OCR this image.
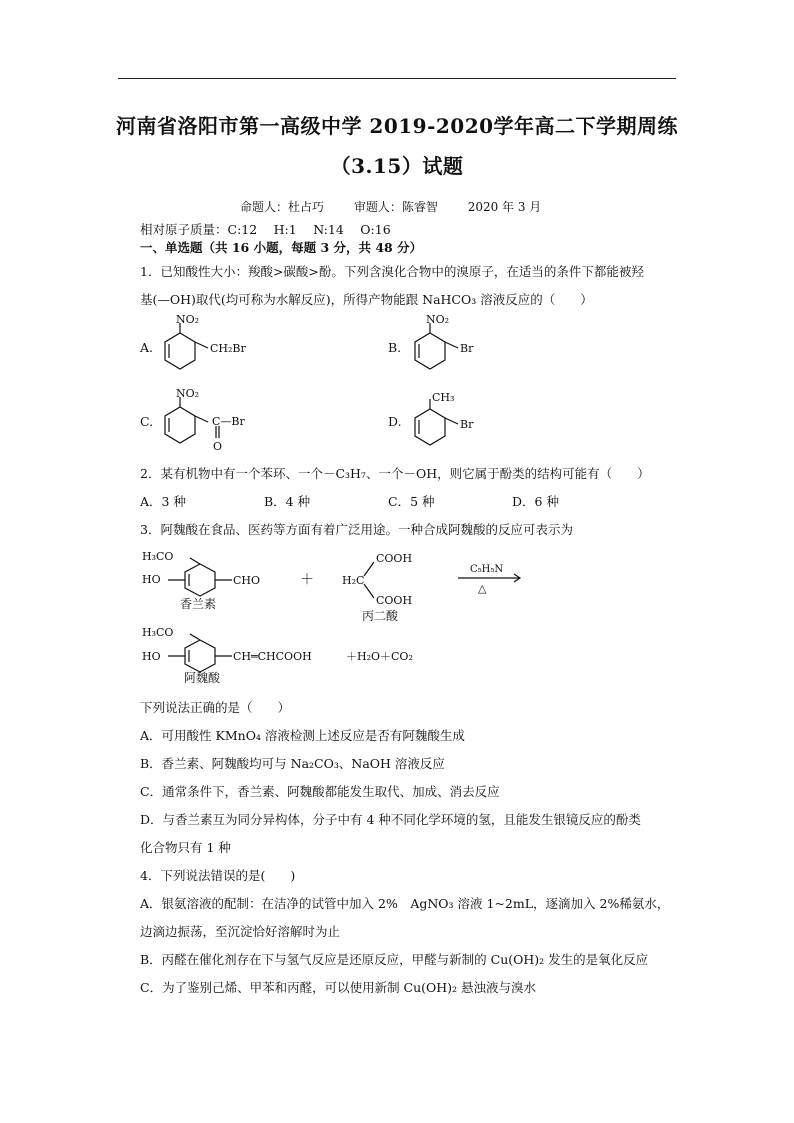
河南省洛阳市第一高级中学 2019-2020学年高二下学期周练
（3.15）试题
命题人：杜占巧 审题人：陈睿智 2020 年 3 月
相对原子质量：C:12　 H:1　 N:14　 O:16
一、单选题（共 16 小题，每题 3 分，共 48 分）
1．已知酸性大小：羧酸>碳酸>酚。下列含溴化合物中的溴原子，在适当的条件下都能被羟
基(—OH)取代(均可称为水解反应)，所得产物能跟 NaHCO₃ 溶液反应的（　　）
A.
NO₂
CH₂Br	B.
NO₂
Br
C.
NO₂
C—Br
O
D.
CH₃
Br
2．某有机物中有一个苯环、一个－C₃H₇、一个－OH，则它属于酚类的结构可能有（　　）
A．3 种	B．4 种	C．5 种	D．6 种
3．阿魏酸在食品、医药等方面有着广泛用途。一种合成阿魏酸的反应可表示为
H₃CO
HO	CHO
香兰素
＋	H₂C
COOH
COOH
丙二酸
C₅H₅N
△
H₃CO
HO	CH═CHCOOH	＋H₂O＋CO₂
阿魏酸
下列说法正确的是（　　）
A．可用酸性 KMnO₄ 溶液检测上述反应是否有阿魏酸生成
B．香兰素、阿魏酸均可与 Na₂CO₃、NaOH 溶液反应
C．通常条件下，香兰素、阿魏酸都能发生取代、加成、消去反应
D．与香兰素互为同分异构体，分子中有 4 种不同化学环境的氢，且能发生银镜反应的酚类
化合物只有 1 种
4．下列说法错误的是(　　)
A．银氨溶液的配制：在洁净的试管中加入 2%　AgNO₃ 溶液 1~2mL，逐滴加入 2%稀氨水，
边滴边振荡，至沉淀恰好溶解时为止
B．丙醛在催化剂存在下与氢气反应是还原反应，甲醛与新制的 Cu(OH)₂ 发生的是氧化反应
C．为了鉴别己烯、甲苯和丙醛，可以使用新制 Cu(OH)₂ 悬浊液与溴水
